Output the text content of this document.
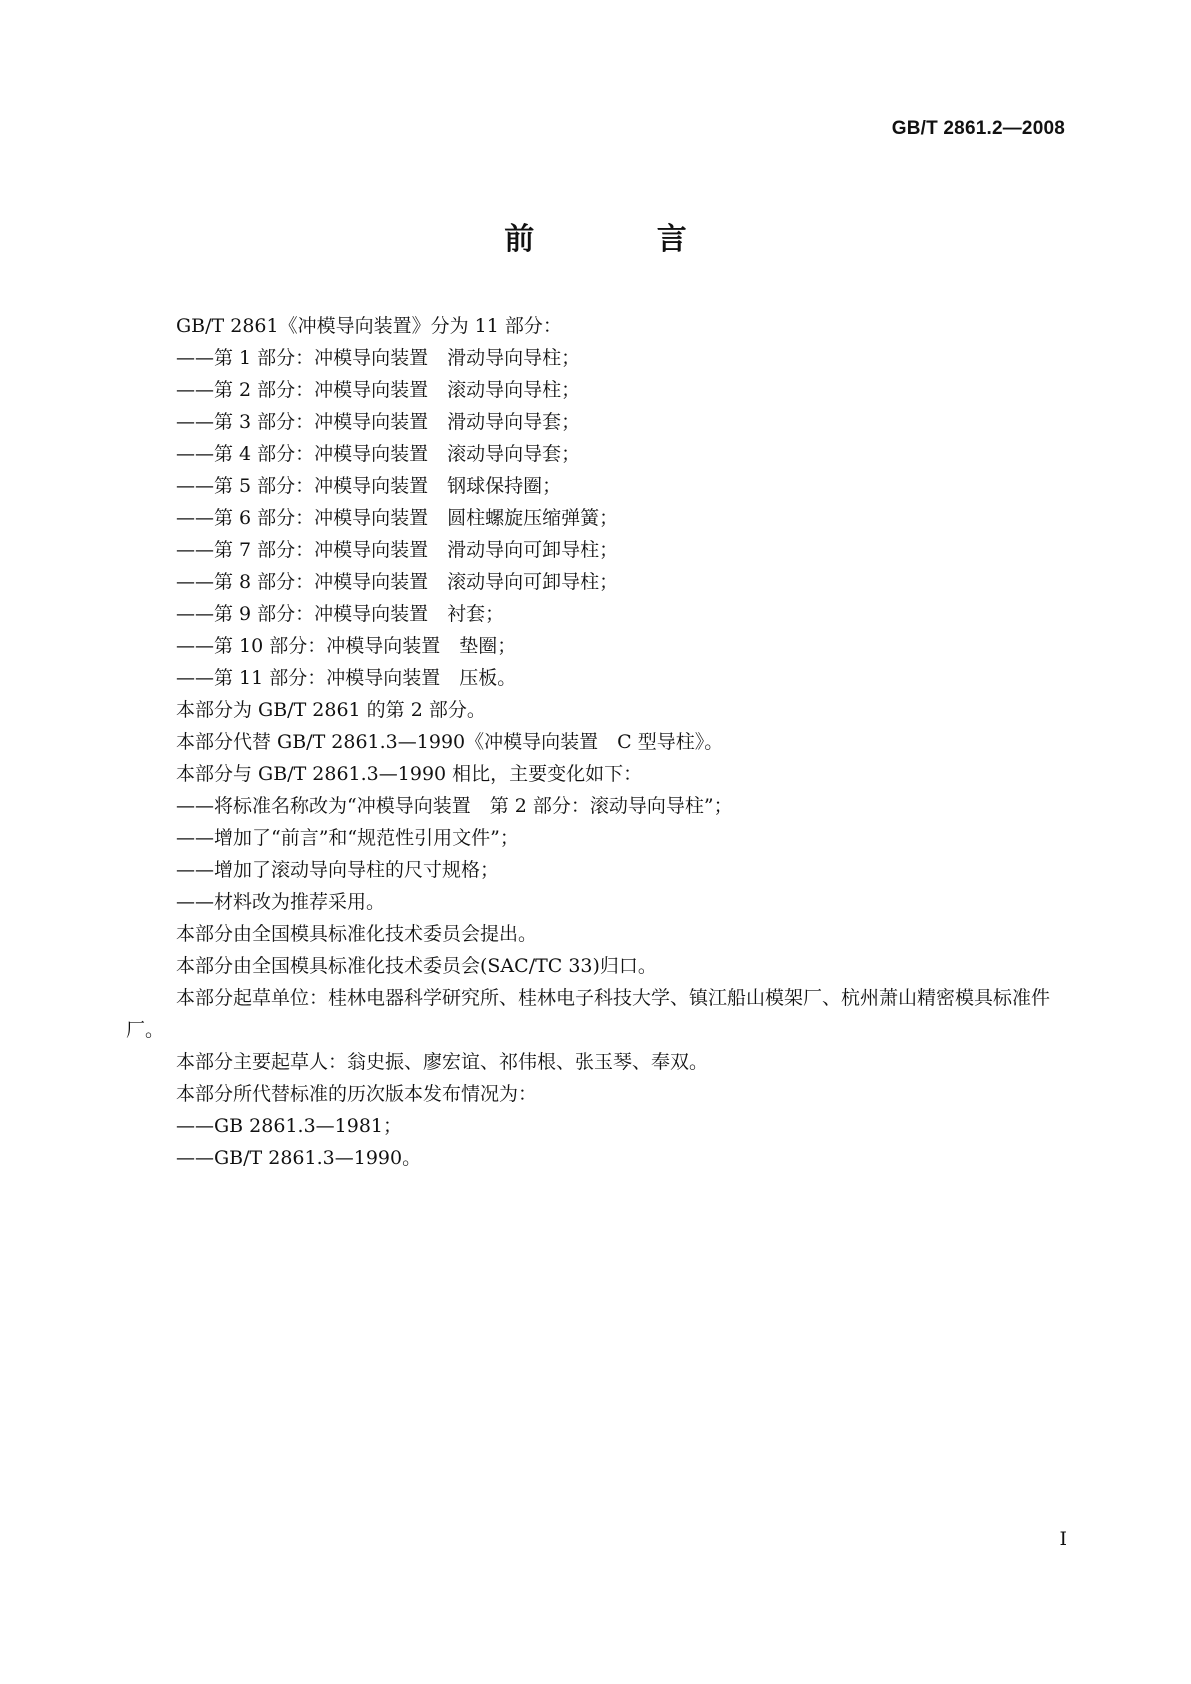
GB/T 2861.2—2008
前 言
GB/T 2861《冲模导向装置》分为 11 部分：
——第 1 部分：冲模导向装置　滑动导向导柱；
——第 2 部分：冲模导向装置　滚动导向导柱；
——第 3 部分：冲模导向装置　滑动导向导套；
——第 4 部分：冲模导向装置　滚动导向导套；
——第 5 部分：冲模导向装置　钢球保持圈；
——第 6 部分：冲模导向装置　圆柱螺旋压缩弹簧；
——第 7 部分：冲模导向装置　滑动导向可卸导柱；
——第 8 部分：冲模导向装置　滚动导向可卸导柱；
——第 9 部分：冲模导向装置　衬套；
——第 10 部分：冲模导向装置　垫圈；
——第 11 部分：冲模导向装置　压板。
本部分为 GB/T 2861 的第 2 部分。
本部分代替 GB/T 2861.3—1990《冲模导向装置　C 型导柱》。
本部分与 GB/T 2861.3—1990 相比，主要变化如下：
——将标准名称改为“冲模导向装置　第 2 部分：滚动导向导柱”；
——增加了“前言”和“规范性引用文件”；
——增加了滚动导向导柱的尺寸规格；
——材料改为推荐采用。
本部分由全国模具标准化技术委员会提出。
本部分由全国模具标准化技术委员会(SAC/TC 33)归口。
本部分起草单位：桂林电器科学研究所、桂林电子科技大学、镇江船山模架厂、杭州萧山精密模具标准件厂。
本部分主要起草人：翁史振、廖宏谊、祁伟根、张玉琴、奉双。
本部分所代替标准的历次版本发布情况为：
——GB 2861.3—1981；
——GB/T 2861.3—1990。
I
